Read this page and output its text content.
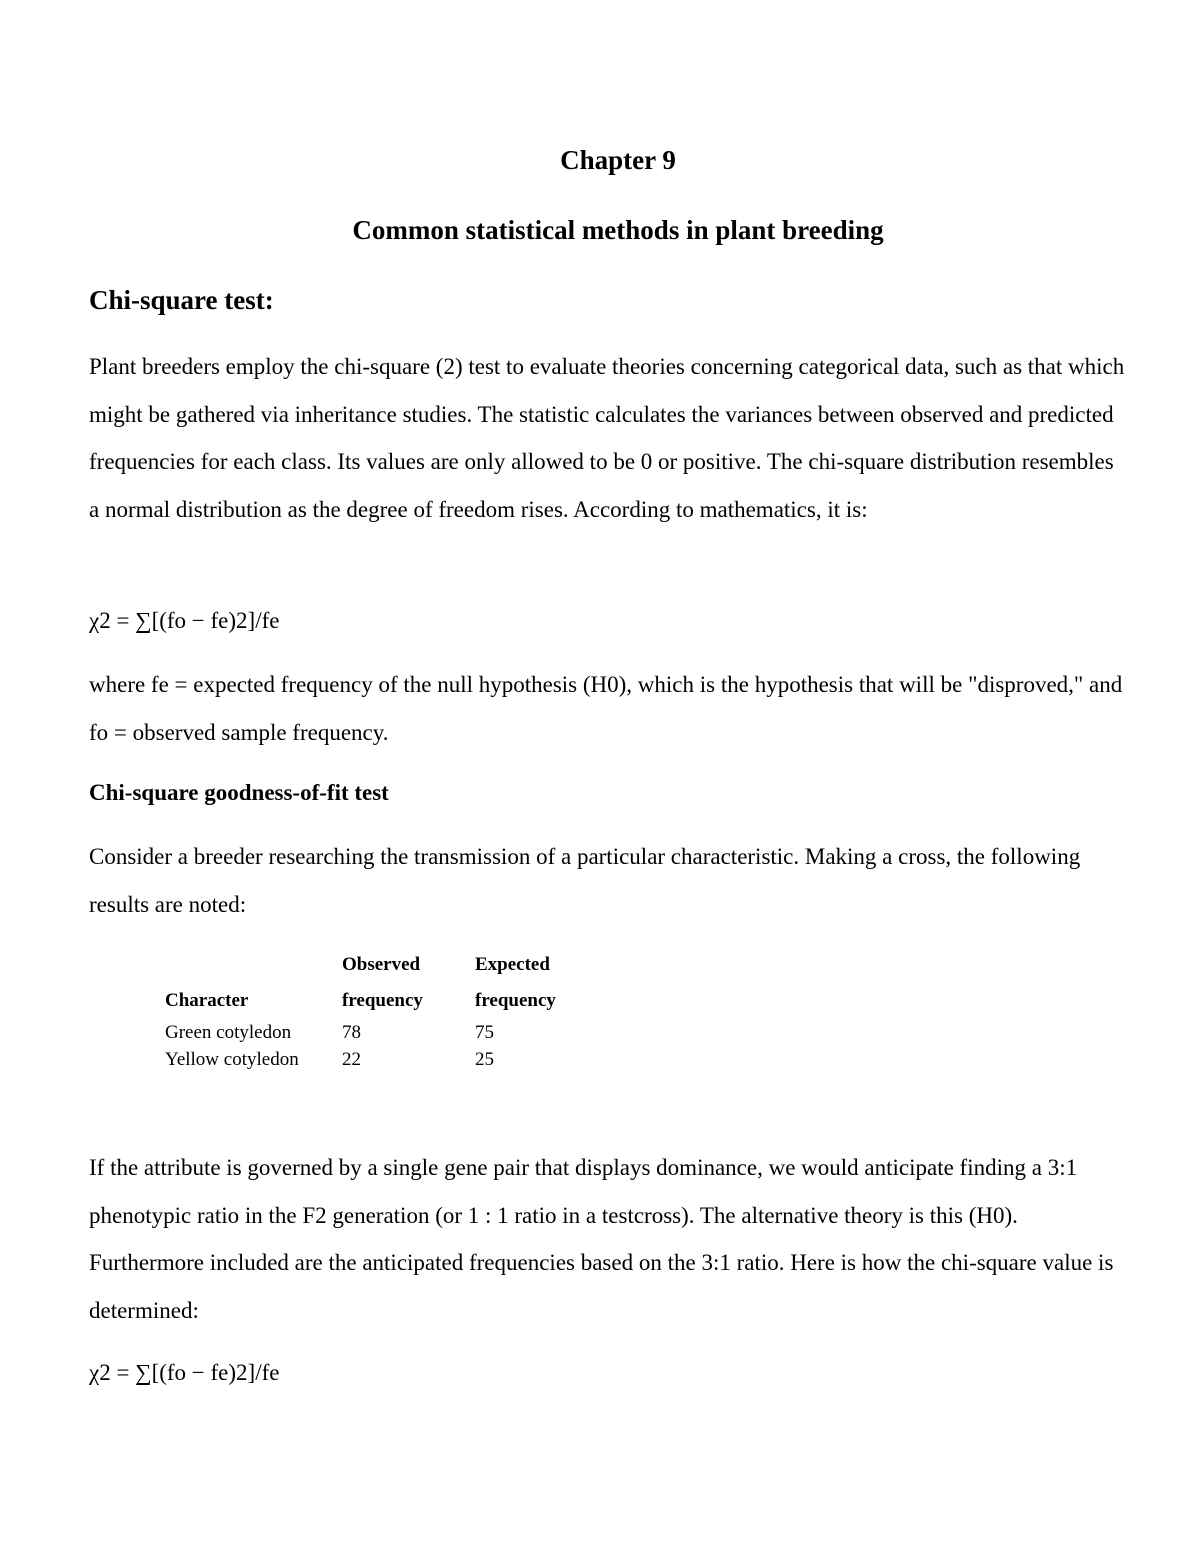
Chapter 9
Common statistical methods in plant breeding
Chi-square test:

Plant breeders employ the chi-square (2) test to evaluate theories concerning categorical data, such as that which might be gathered via inheritance studies. The statistic calculates the variances between observed and predicted frequencies for each class. Its values are only allowed to be 0 or positive. The chi-square distribution resembles a normal distribution as the degree of freedom rises. According to mathematics, it is:

χ2 = ∑[(fo − fe)2]/fe

where fe = expected frequency of the null hypothesis (H0), which is the hypothesis that will be "disproved," and fo = observed sample frequency.

Chi-square goodness-of-fit test

Consider a breeder researching the transmission of a particular characteristic. Making a cross, the following results are noted:

	Observed	Expected
Character	frequency	frequency
Green cotyledon	78	75
Yellow cotyledon	22	25

If the attribute is governed by a single gene pair that displays dominance, we would anticipate finding a 3:1 phenotypic ratio in the F2 generation (or 1 : 1 ratio in a testcross). The alternative theory is this (H0). Furthermore included are the anticipated frequencies based on the 3:1 ratio. Here is how the chi-square value is determined:

χ2 = ∑[(fo − fe)2]/fe
